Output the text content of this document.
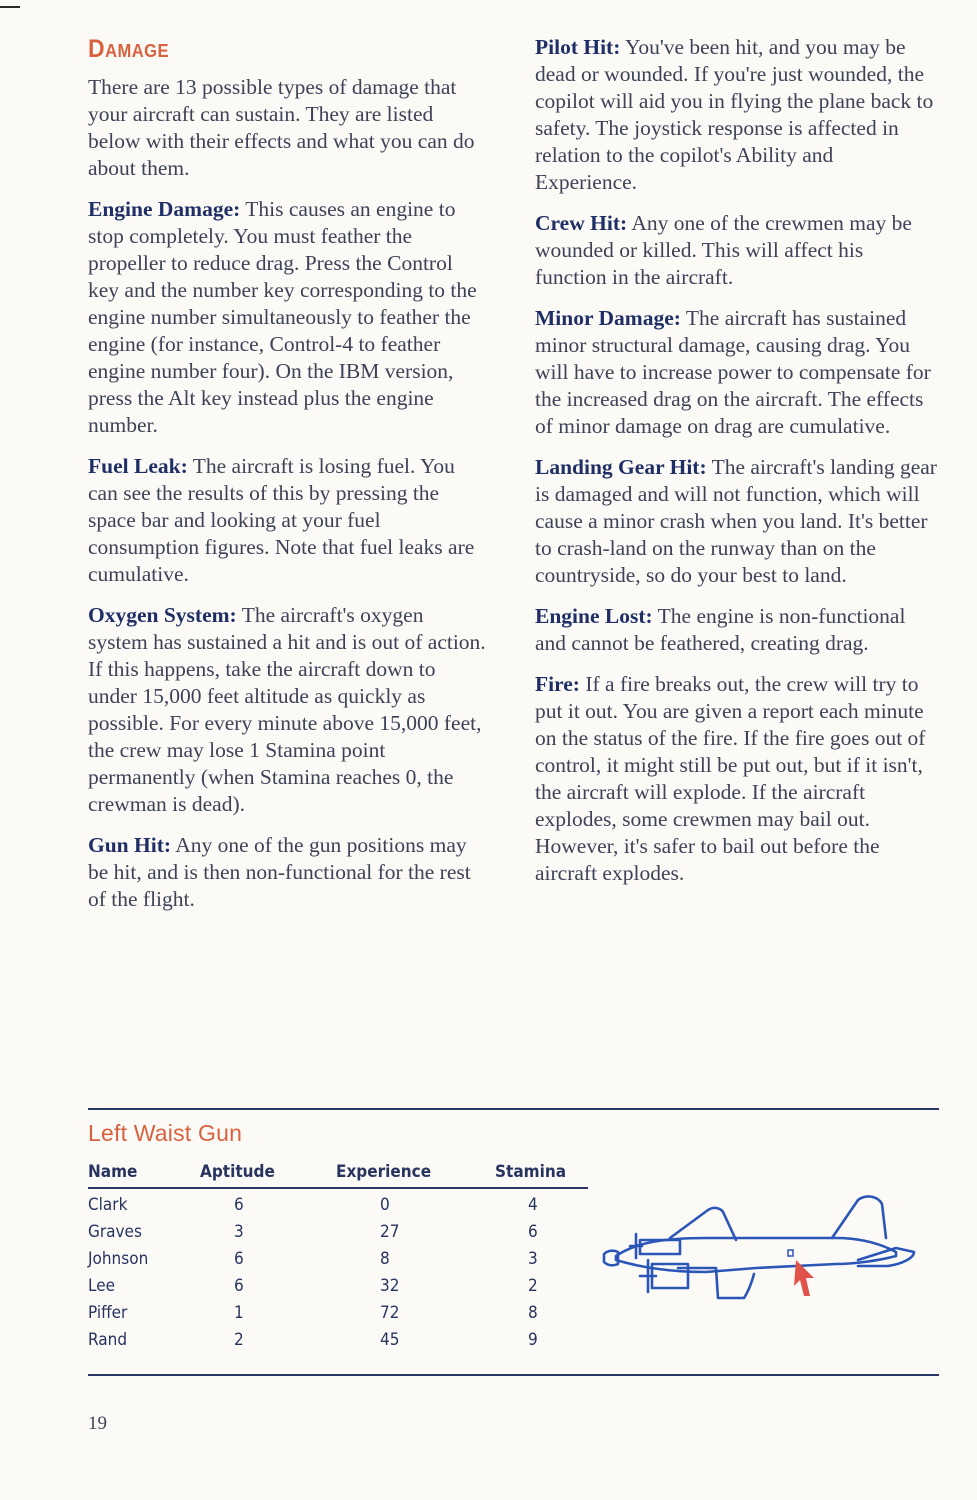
Damage

There are 13 possible types of damage that your aircraft can sustain. They are listed below with their effects and what you can do about them.

Engine Damage: This causes an engine to stop completely. You must feather the propeller to reduce drag. Press the Control key and the number key corresponding to the engine number simultaneously to feather the engine (for instance, Control-4 to feather engine number four). On the IBM version, press the Alt key instead plus the engine number.

Fuel Leak: The aircraft is losing fuel. You can see the results of this by pressing the space bar and looking at your fuel consumption figures. Note that fuel leaks are cumulative.

Oxygen System: The aircraft's oxygen system has sustained a hit and is out of action. If this happens, take the aircraft down to under 15,000 feet altitude as quickly as possible. For every minute above 15,000 feet, the crew may lose 1 Stamina point permanently (when Stamina reaches 0, the crewman is dead).

Gun Hit: Any one of the gun positions may be hit, and is then non-functional for the rest of the flight.

Pilot Hit: You've been hit, and you may be dead or wounded. If you're just wounded, the copilot will aid you in flying the plane back to safety. The joystick response is affected in relation to the copilot's Ability and Experience.

Crew Hit: Any one of the crewmen may be wounded or killed. This will affect his function in the aircraft.

Minor Damage: The aircraft has sustained minor structural damage, causing drag. You will have to increase power to compensate for the increased drag on the aircraft. The effects of minor damage on drag are cumulative.

Landing Gear Hit: The aircraft's landing gear is damaged and will not function, which will cause a minor crash when you land. It's better to crash-land on the runway than on the countryside, so do your best to land.

Engine Lost: The engine is non-functional and cannot be feathered, creating drag.

Fire: If a fire breaks out, the crew will try to put it out. You are given a report each minute on the status of the fire. If the fire goes out of control, it might still be put out, but if it isn't, the aircraft will explode. If the aircraft explodes, some crewmen may bail out. However, it's safer to bail out before the aircraft explodes.

Left Waist Gun
Name	Aptitude	Experience	Stamina
Clark	6	0	4
Graves	3	27	6
Johnson	6	8	3
Lee	6	32	2
Piffer	1	72	8
Rand	2	45	9
19
